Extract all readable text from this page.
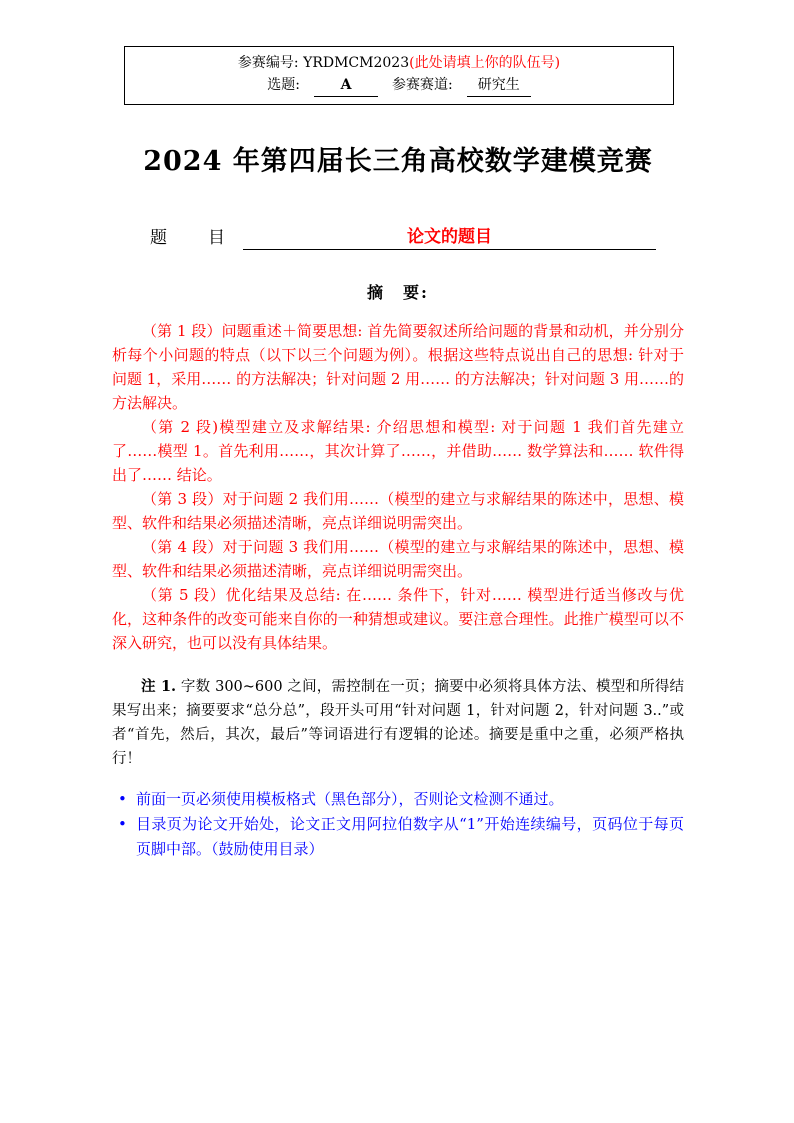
参赛编号: YRDMCM2023(此处请填上你的队伍号)
选题:	A	参赛赛道: 研究生
2024 年第四届长三角高校数学建模竞赛
题　目	论文的题目
摘　要:

（第 1 段）问题重述＋简要思想: 首先简要叙述所给问题的背景和动机，并分别分析每个小问题的特点（以下以三个问题为例）。根据这些特点说出自己的思想: 针对于问题 1，采用…… 的方法解决；针对问题 2 用…… 的方法解决；针对问题 3 用……的方法解决。

（第 2 段)模型建立及求解结果: 介绍思想和模型: 对于问题 1 我们首先建立了……模型 1。首先利用……，其次计算了……，并借助…… 数学算法和…… 软件得出了…… 结论。

（第 3 段）对于问题 2 我们用……（模型的建立与求解结果的陈述中，思想、模型、软件和结果必须描述清晰，亮点详细说明需突出。

（第 4 段）对于问题 3 我们用……（模型的建立与求解结果的陈述中，思想、模型、软件和结果必须描述清晰，亮点详细说明需突出。

（第 5 段）优化结果及总结: 在…… 条件下，针对…… 模型进行适当修改与优化，这种条件的改变可能来自你的一种猜想或建议。要注意合理性。此推广模型可以不深入研究，也可以没有具体结果。

注 1. 字数 300~600 之间，需控制在一页；摘要中必须将具体方法、模型和所得结果写出来；摘要要求“总分总”，段开头可用“针对问题 1，针对问题 2，针对问题 3..”或者“首先，然后，其次，最后”等词语进行有逻辑的论述。摘要是重中之重，必须严格执行！

• 前面一页必须使用模板格式（黑色部分），否则论文检测不通过。
• 目录页为论文开始处，论文正文用阿拉伯数字从“1”开始连续编号，页码位于每页页脚中部。（鼓励使用目录）
